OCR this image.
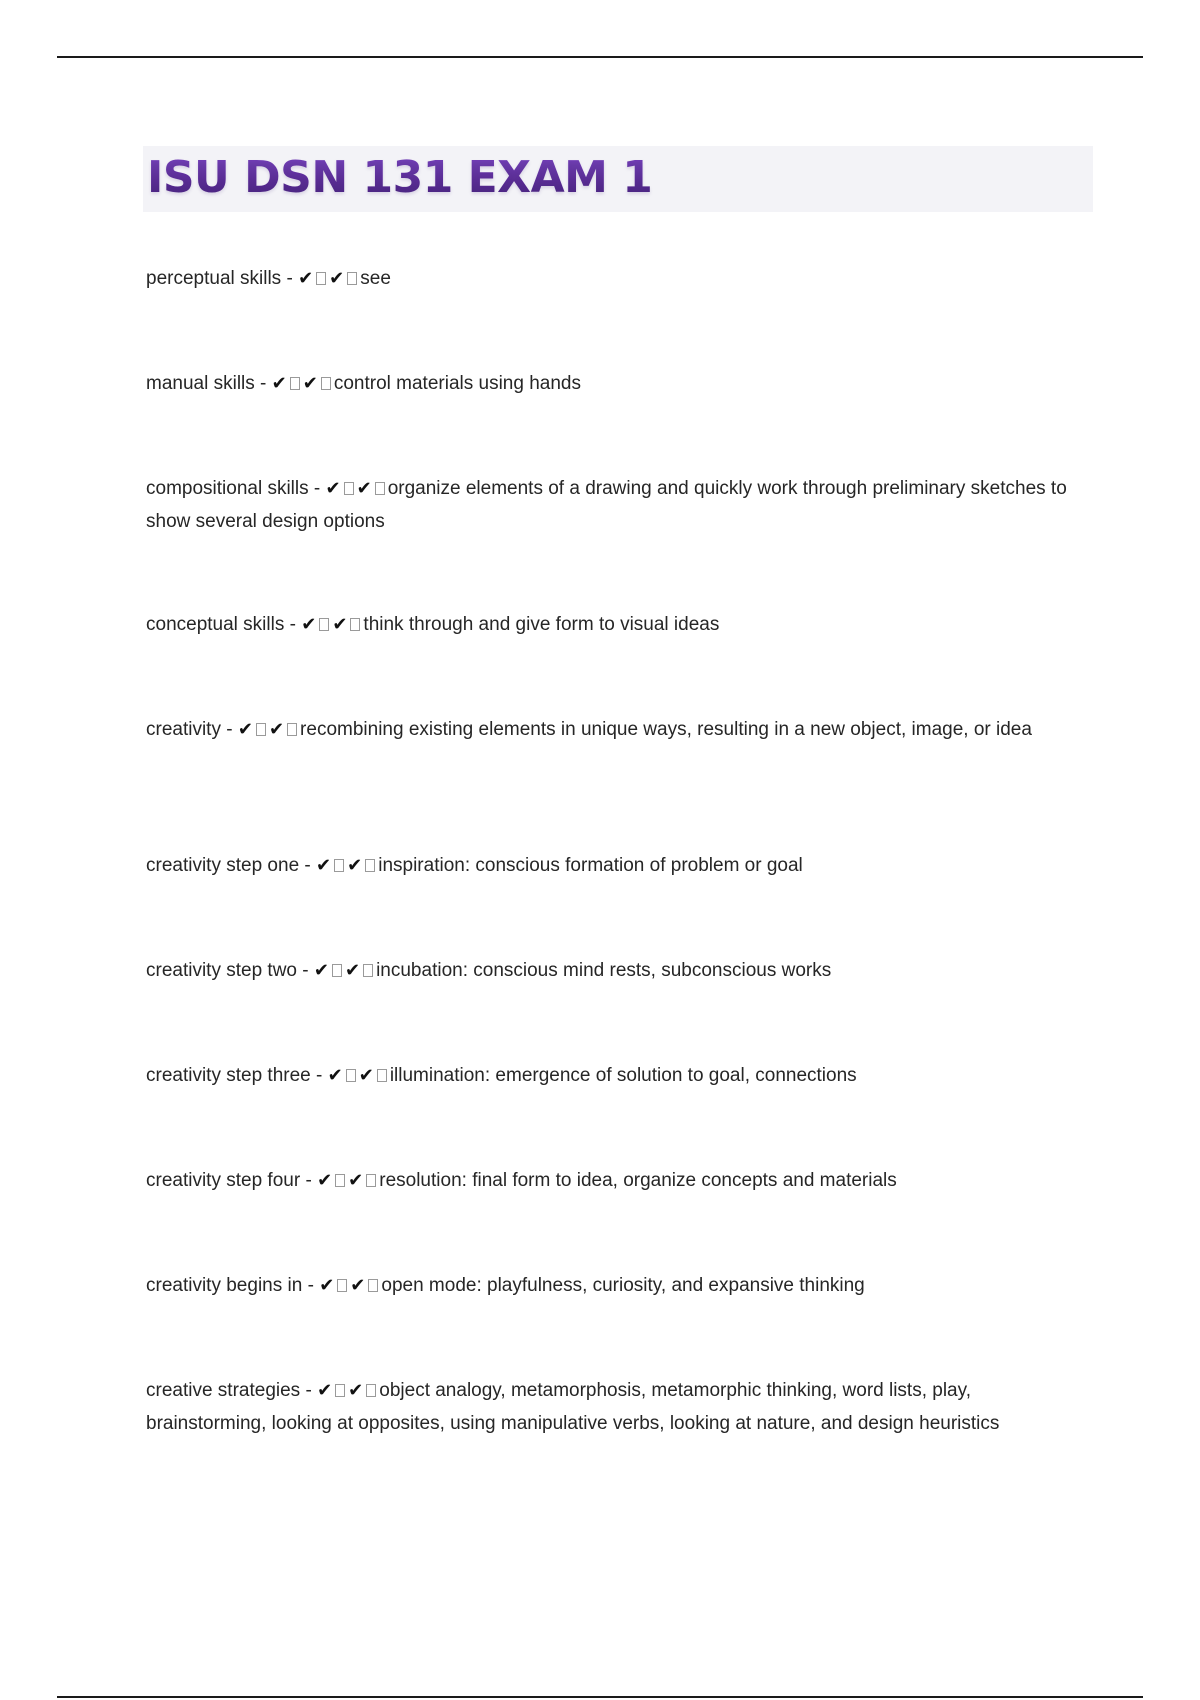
ISU DSN 131 EXAM 1

perceptual skills - ✔ ✔ see

manual skills - ✔ ✔ control materials using hands

compositional skills - ✔ ✔ organize elements of a drawing and quickly work through preliminary sketches to show several design options

conceptual skills - ✔ ✔ think through and give form to visual ideas

creativity - ✔ ✔ recombining existing elements in unique ways, resulting in a new object, image, or idea

creativity step one - ✔ ✔ inspiration: conscious formation of problem or goal

creativity step two - ✔ ✔ incubation: conscious mind rests, subconscious works

creativity step three - ✔ ✔ illumination: emergence of solution to goal, connections

creativity step four - ✔ ✔ resolution: final form to idea, organize concepts and materials

creativity begins in - ✔ ✔ open mode: playfulness, curiosity, and expansive thinking

creative strategies - ✔ ✔ object analogy, metamorphosis, metamorphic thinking, word lists, play, brainstorming, looking at opposites, using manipulative verbs, looking at nature, and design heuristics
